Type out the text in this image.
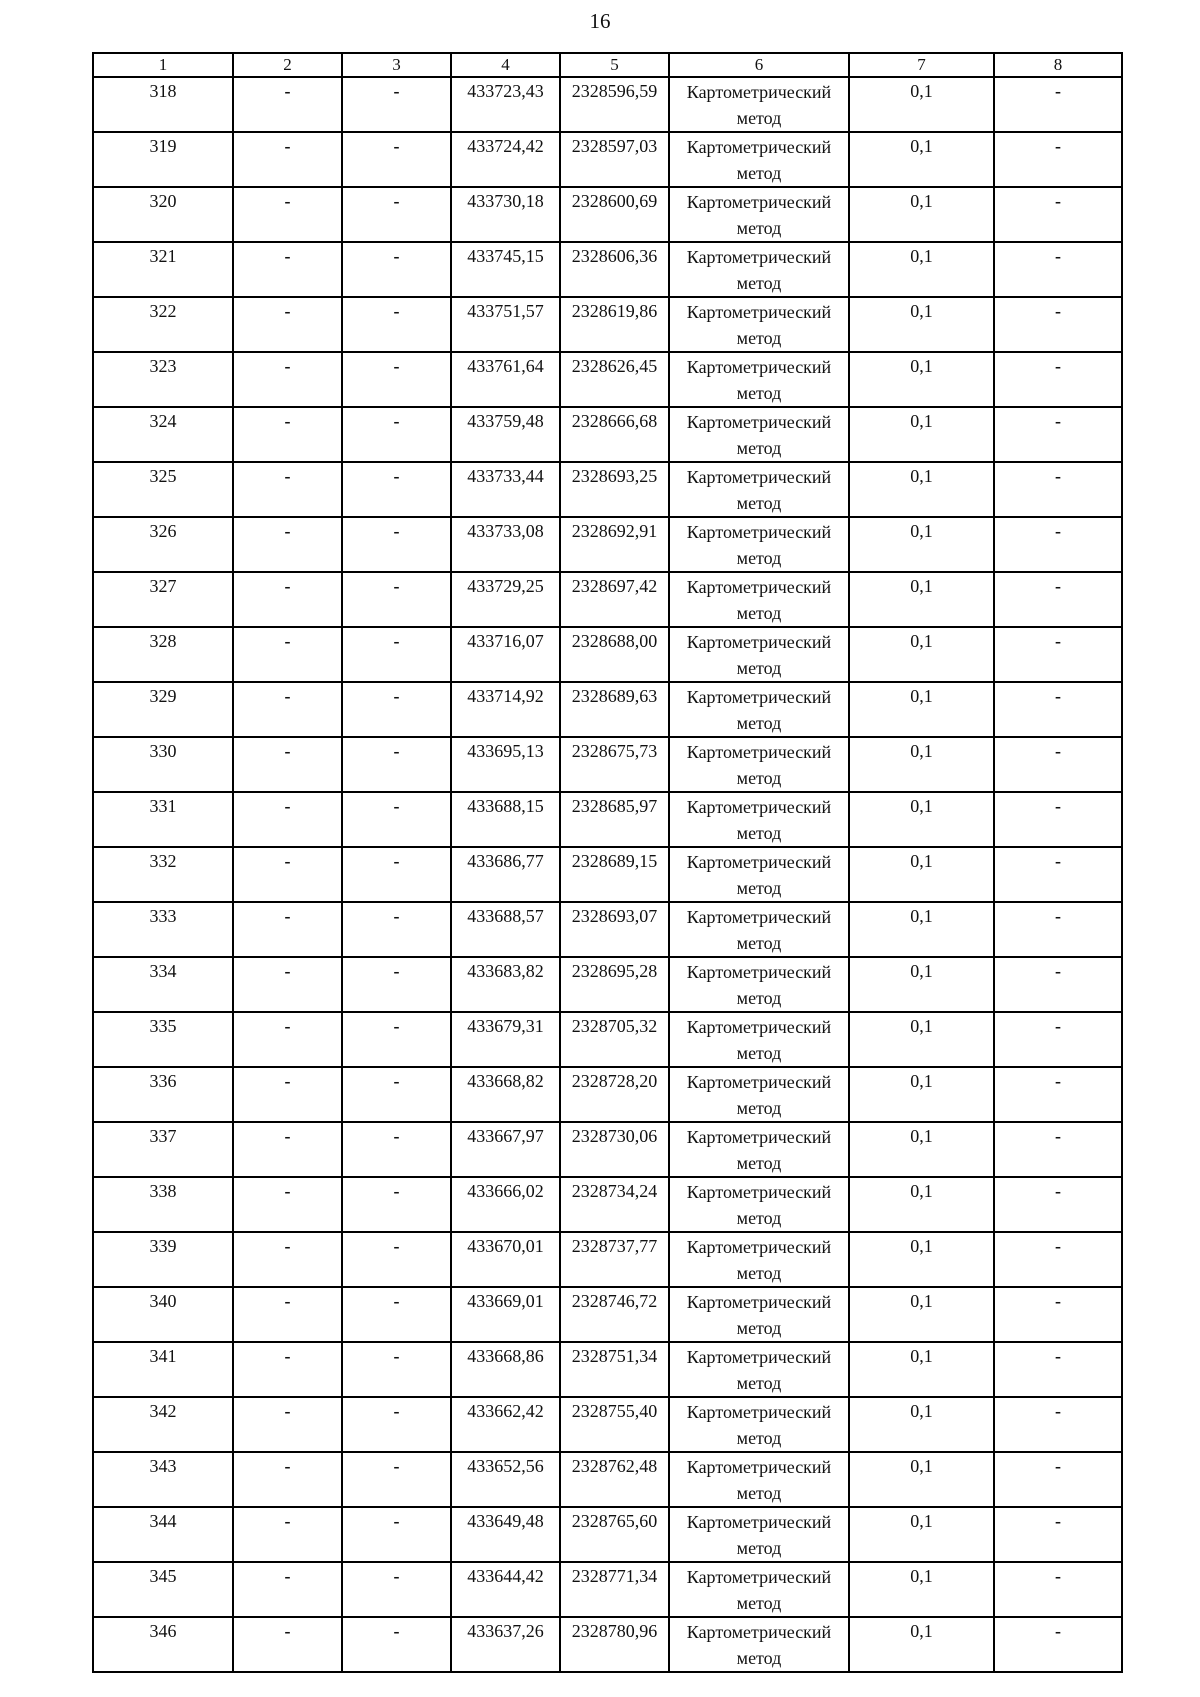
16
1	2	3	4	5	6	7	8
318	-	-	433723,43	2328596,59	Картометрический метод	0,1	-
319	-	-	433724,42	2328597,03	Картометрический метод	0,1	-
320	-	-	433730,18	2328600,69	Картометрический метод	0,1	-
321	-	-	433745,15	2328606,36	Картометрический метод	0,1	-
322	-	-	433751,57	2328619,86	Картометрический метод	0,1	-
323	-	-	433761,64	2328626,45	Картометрический метод	0,1	-
324	-	-	433759,48	2328666,68	Картометрический метод	0,1	-
325	-	-	433733,44	2328693,25	Картометрический метод	0,1	-
326	-	-	433733,08	2328692,91	Картометрический метод	0,1	-
327	-	-	433729,25	2328697,42	Картометрический метод	0,1	-
328	-	-	433716,07	2328688,00	Картометрический метод	0,1	-
329	-	-	433714,92	2328689,63	Картометрический метод	0,1	-
330	-	-	433695,13	2328675,73	Картометрический метод	0,1	-
331	-	-	433688,15	2328685,97	Картометрический метод	0,1	-
332	-	-	433686,77	2328689,15	Картометрический метод	0,1	-
333	-	-	433688,57	2328693,07	Картометрический метод	0,1	-
334	-	-	433683,82	2328695,28	Картометрический метод	0,1	-
335	-	-	433679,31	2328705,32	Картометрический метод	0,1	-
336	-	-	433668,82	2328728,20	Картометрический метод	0,1	-
337	-	-	433667,97	2328730,06	Картометрический метод	0,1	-
338	-	-	433666,02	2328734,24	Картометрический метод	0,1	-
339	-	-	433670,01	2328737,77	Картометрический метод	0,1	-
340	-	-	433669,01	2328746,72	Картометрический метод	0,1	-
341	-	-	433668,86	2328751,34	Картометрический метод	0,1	-
342	-	-	433662,42	2328755,40	Картометрический метод	0,1	-
343	-	-	433652,56	2328762,48	Картометрический метод	0,1	-
344	-	-	433649,48	2328765,60	Картометрический метод	0,1	-
345	-	-	433644,42	2328771,34	Картометрический метод	0,1	-
346	-	-	433637,26	2328780,96	Картометрический метод	0,1	-
